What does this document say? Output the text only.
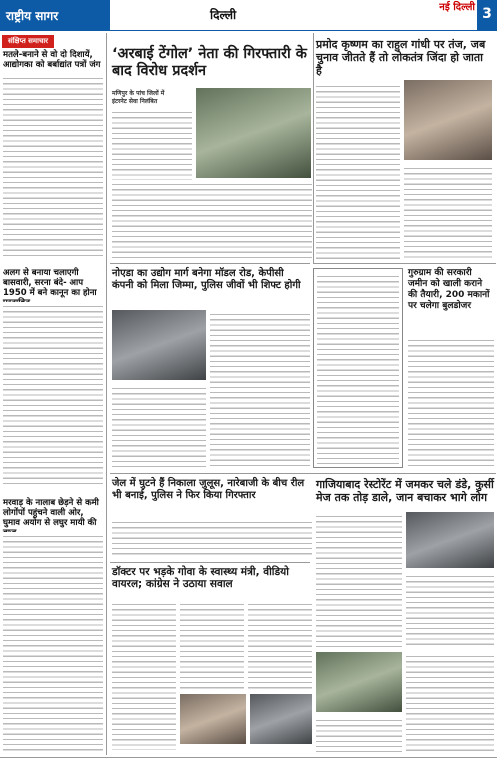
राष्ट्रीय सागर	दिल्ली
नई दिल्ली 3
संक्षिप्त समाचार
मतले-बनाने से वो दो दिशायें, आद्योगका को बर्बाद्यांत पत्रों जंग
अलग से बनाया चलाएगी बासवारी, सरना बंदे- आप 1950 में बने कानून का होना
मरवाड़ के नालाब छेड़ने से कमी लोगोंपों पहुंचने वाली ओर, घुमाव अयोग से लघुर मायी की
‘अरबाई टेंगोल’ नेता की गिरफ्तारी के बाद विरोध प्रदर्शन
मणिपुर के पांच जिलों में
इंटरनेट सेवा निलंबित
प्रमोद कृष्णम का राहुल गांधी पर तंज, जब चुनाव जीतते हैं तो लोकतंत्र जिंदा हो जाता है
नोएडा का उद्योग मार्ग बनेगा मॉडल रोड, केपीसी कंपनी को मिला जिम्मा, पुलिस जीवों भी शिफ्ट होगी
गुरुग्राम की सरकारी जमीन को खाली कराने की तैयारी, 200 मकानों पर चलेगा बुलडोजर
जेल में घुटने हैं निकाला जुलूस, नारेबाजी के बीच रील भी बनाई, पुलिस ने फिर किया गिरफ्तार
गाजियाबाद रेस्टोरेंट में जमकर चले डंडे, कुर्सी मेज तक तोड़ डाले, जान बचाकर भागे लोग
डॉक्टर पर भड़के गोवा के स्वास्थ्य मंत्री, वीडियो वायरल; कांग्रेस ने उठाया सवाल
